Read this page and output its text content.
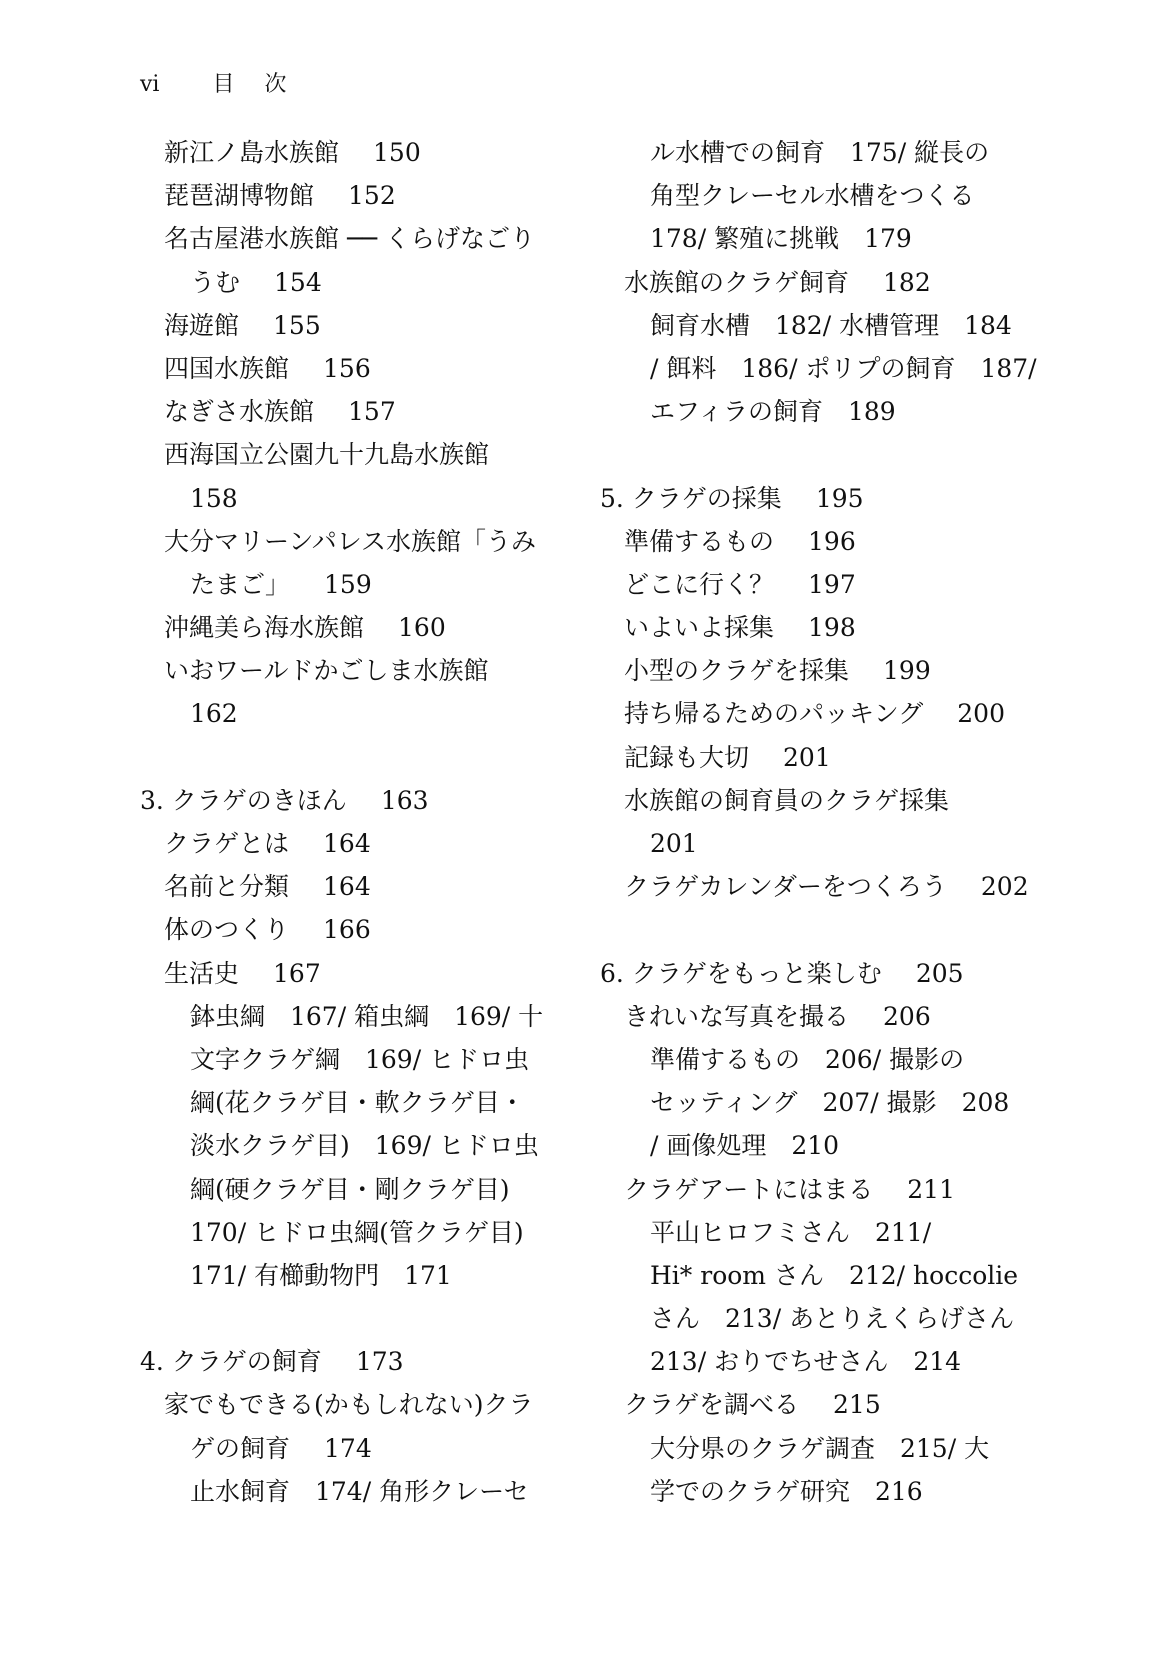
vi 目 次
新江ノ島水族館 150
琵琶湖博物館 152
名古屋港水族館 ── くらげなごり
うむ 154
海遊館 155
四国水族館 156
なぎさ水族館 157
西海国立公園九十九島水族館
158
大分マリーンパレス水族館「うみ
たまご」 159
沖縄美ら海水族館 160
いおワールドかごしま水族館
162
3. クラゲのきほん 163
クラゲとは 164
名前と分類 164
体のつくり 166
生活史 167
鉢虫綱　167/ 箱虫綱　169/ 十
文字クラゲ綱　169/ ヒドロ虫
綱(花クラゲ目・軟クラゲ目・
淡水クラゲ目)　169/ ヒドロ虫
綱(硬クラゲ目・剛クラゲ目)
170/ ヒドロ虫綱(管クラゲ目)
171/ 有櫛動物門　171
4. クラゲの飼育 173
家でもできる(かもしれない)クラ
ゲの飼育 174
止水飼育　174/ 角形クレーセ
ル水槽での飼育　175/ 縦長の
角型クレーセル水槽をつくる
178/ 繁殖に挑戦　179
水族館のクラゲ飼育 182
飼育水槽　182/ 水槽管理　184
/ 餌料　186/ ポリプの飼育　187/
エフィラの飼育　189
5. クラゲの採集 195
準備するもの 196
どこに行く？ 197
いよいよ採集 198
小型のクラゲを採集 199
持ち帰るためのパッキング 200
記録も大切 201
水族館の飼育員のクラゲ採集
201
クラゲカレンダーをつくろう 202
6. クラゲをもっと楽しむ 205
きれいな写真を撮る 206
準備するもの　206/ 撮影の
セッティング　207/ 撮影　208
/ 画像処理　210
クラゲアートにはまる 211
平山ヒロフミさん　211/
Hi* room さん　212/ hoccolie
さん　213/ あとりえくらげさん
213/ おりでちせさん　214
クラゲを調べる 215
大分県のクラゲ調査　215/ 大
学でのクラゲ研究　216
